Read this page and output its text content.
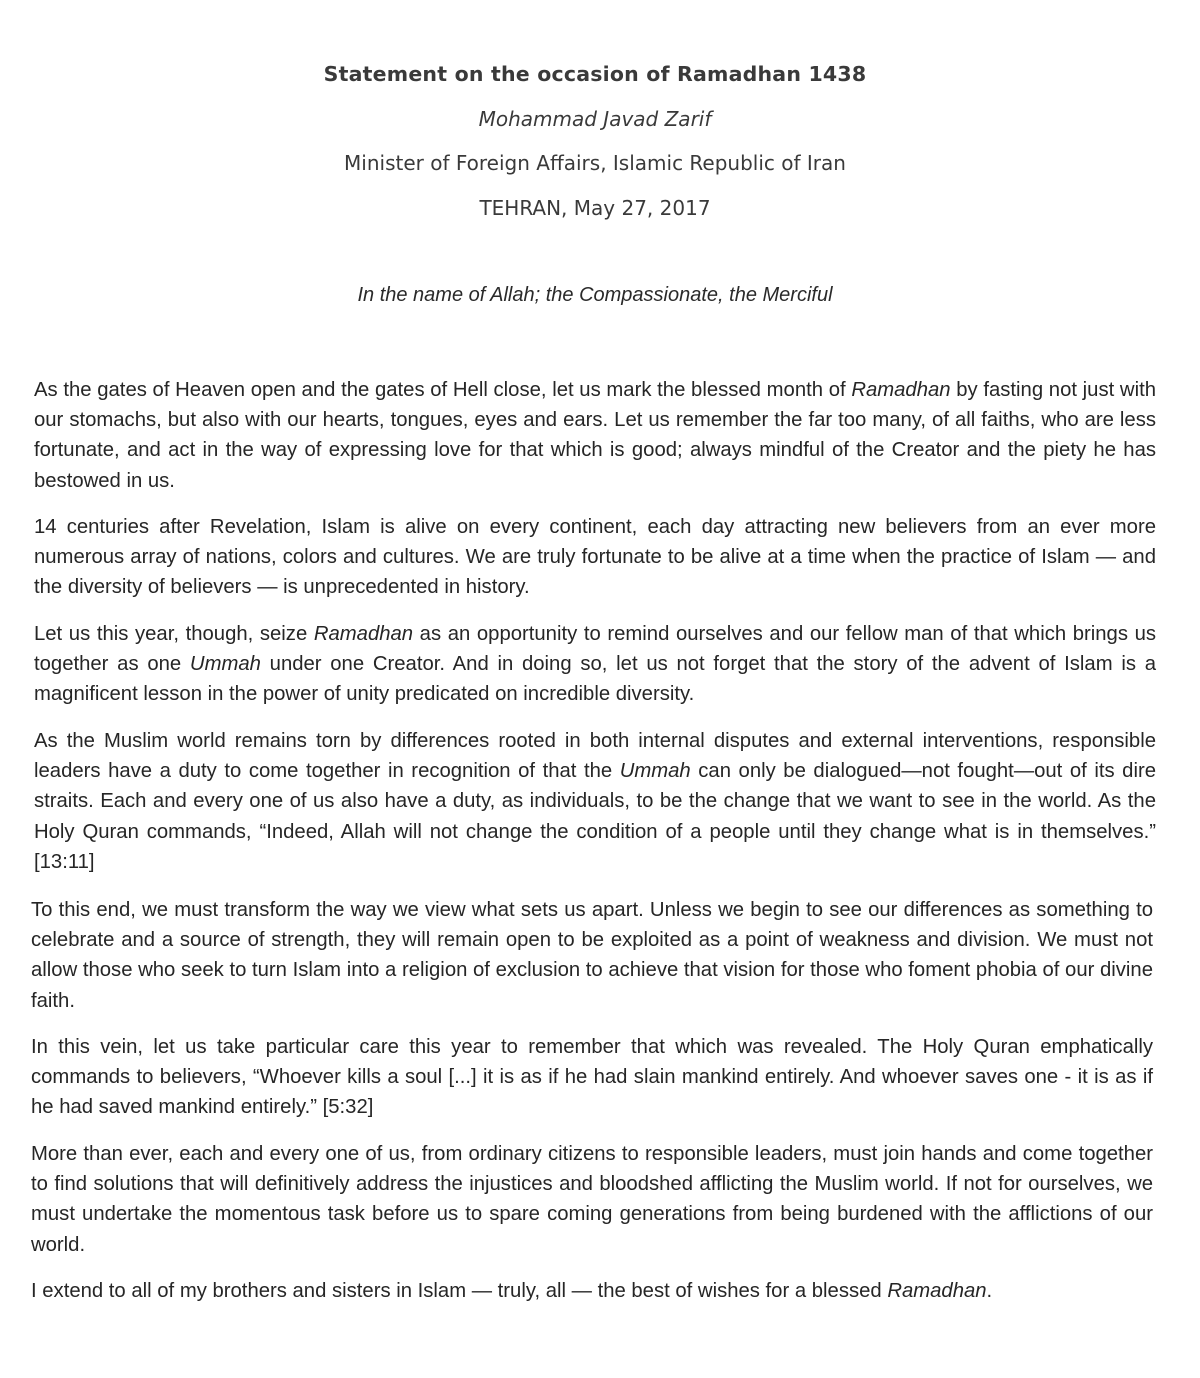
Statement on the occasion of Ramadhan 1438
Mohammad Javad Zarif
Minister of Foreign Affairs, Islamic Republic of Iran
TEHRAN, May 27, 2017
In the name of Allah; the Compassionate, the Merciful

As the gates of Heaven open and the gates of Hell close, let us mark the blessed month of Ramadhan by fasting not just with our stomachs, but also with our hearts, tongues, eyes and ears. Let us remember the far too many, of all faiths, who are less fortunate, and act in the way of expressing love for that which is good; always mindful of the Creator and the piety he has bestowed in us.

14 centuries after Revelation, Islam is alive on every continent, each day attracting new believers from an ever more numerous array of nations, colors and cultures. We are truly fortunate to be alive at a time when the practice of Islam — and the diversity of believers — is unprecedented in history.

Let us this year, though, seize Ramadhan as an opportunity to remind ourselves and our fellow man of that which brings us together as one Ummah under one Creator. And in doing so, let us not forget that the story of the advent of Islam is a magnificent lesson in the power of unity predicated on incredible diversity.

As the Muslim world remains torn by differences rooted in both internal disputes and external interventions, responsible leaders have a duty to come together in recognition of that the Ummah can only be dialogued—not fought—out of its dire straits. Each and every one of us also have a duty, as individuals, to be the change that we want to see in the world. As the Holy Quran commands, “Indeed, Allah will not change the condition of a people until they change what is in themselves.” [13:11]

To this end, we must transform the way we view what sets us apart. Unless we begin to see our differences as something to celebrate and a source of strength, they will remain open to be exploited as a point of weakness and division. We must not allow those who seek to turn Islam into a religion of exclusion to achieve that vision for those who foment phobia of our divine faith.

In this vein, let us take particular care this year to remember that which was revealed. The Holy Quran emphatically commands to believers, “Whoever kills a soul [...] it is as if he had slain mankind entirely. And whoever saves one - it is as if he had saved mankind entirely.” [5:32]

More than ever, each and every one of us, from ordinary citizens to responsible leaders, must join hands and come together to find solutions that will definitively address the injustices and bloodshed afflicting the Muslim world. If not for ourselves, we must undertake the momentous task before us to spare coming generations from being burdened with the afflictions of our world.

I extend to all of my brothers and sisters in Islam — truly, all — the best of wishes for a blessed Ramadhan.
